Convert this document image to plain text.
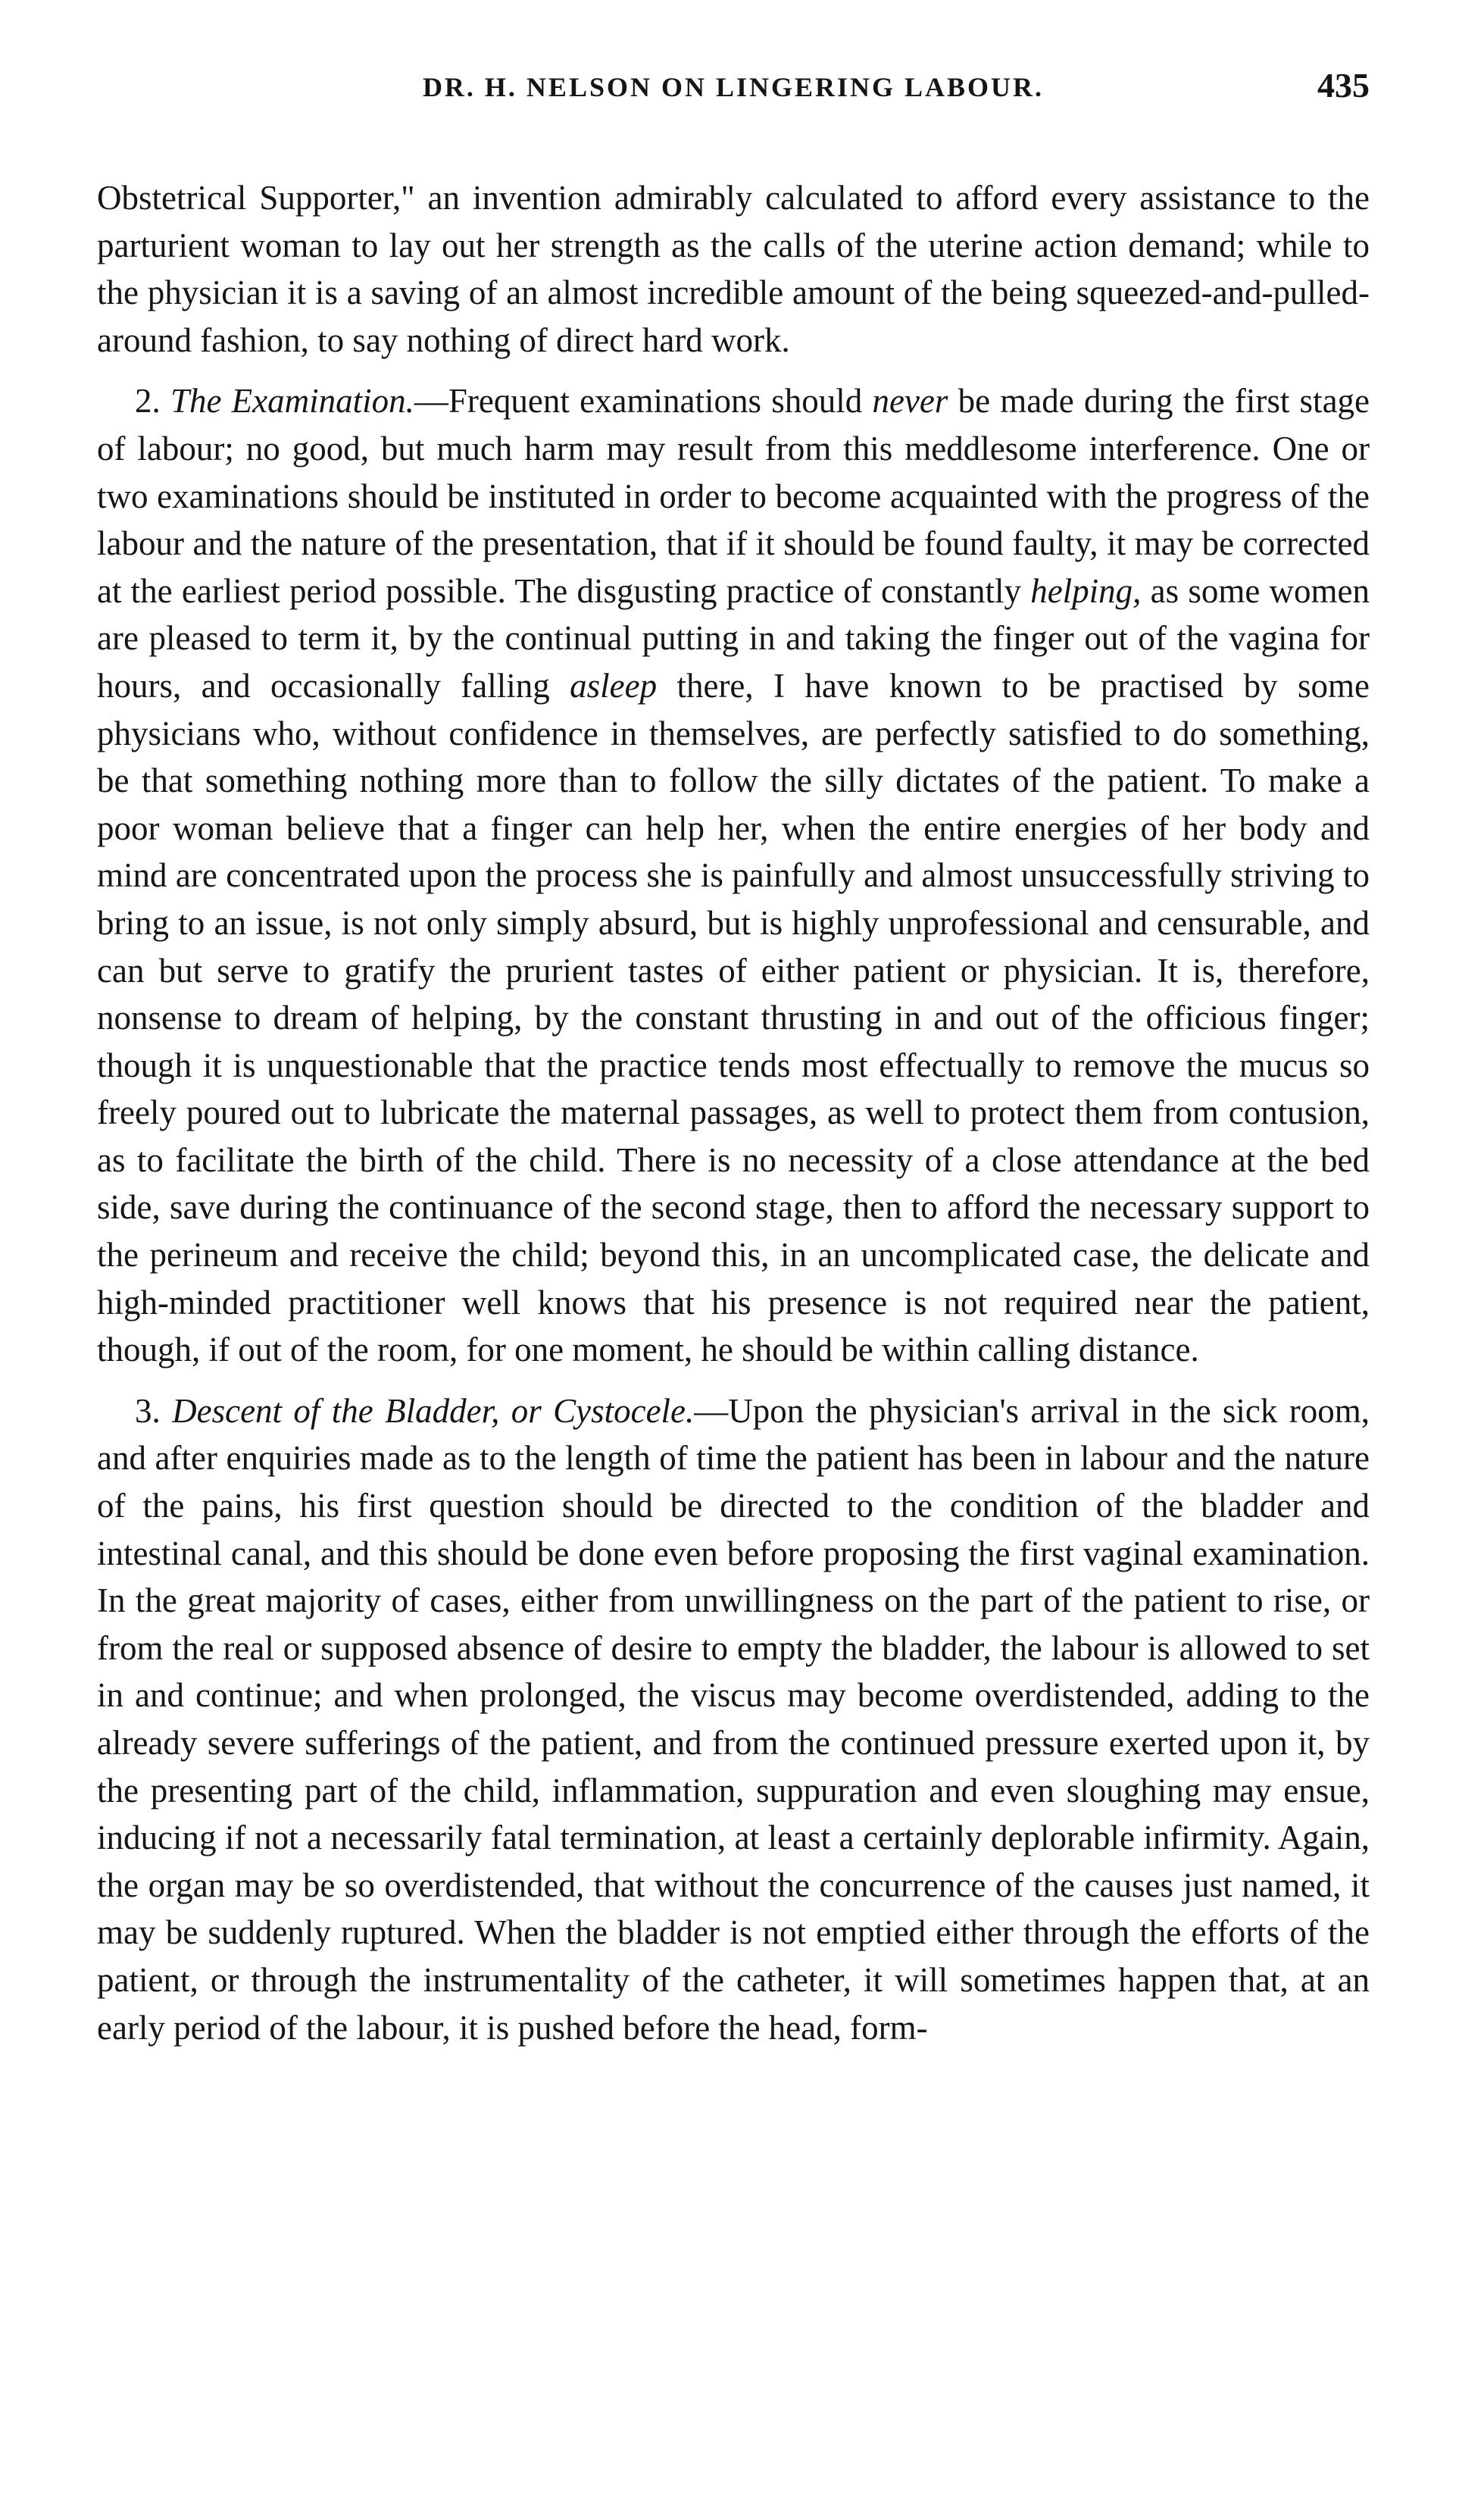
DR. H. NELSON ON LINGERING LABOUR.	435

Obstetrical Supporter," an invention admirably calculated to afford every assistance to the parturient woman to lay out her strength as the calls of the uterine action demand; while to the physician it is a saving of an almost incredible amount of the being squeezed-and-pulled-around fashion, to say nothing of direct hard work.

2. The Examination.—Frequent examinations should never be made during the first stage of labour; no good, but much harm may result from this meddlesome interference. One or two examinations should be instituted in order to become acquainted with the progress of the labour and the nature of the presentation, that if it should be found faulty, it may be corrected at the earliest period possible. The disgusting practice of constantly helping, as some women are pleased to term it, by the continual putting in and taking the finger out of the vagina for hours, and occasionally falling asleep there, I have known to be practised by some physicians who, without confidence in themselves, are perfectly satisfied to do something, be that something nothing more than to follow the silly dictates of the patient. To make a poor woman believe that a finger can help her, when the entire energies of her body and mind are concentrated upon the process she is painfully and almost unsuccessfully striving to bring to an issue, is not only simply absurd, but is highly unprofessional and censurable, and can but serve to gratify the prurient tastes of either patient or physician. It is, therefore, nonsense to dream of helping, by the constant thrusting in and out of the officious finger; though it is unquestionable that the practice tends most effectually to remove the mucus so freely poured out to lubricate the maternal passages, as well to protect them from contusion, as to facilitate the birth of the child. There is no necessity of a close attendance at the bed side, save during the continuance of the second stage, then to afford the necessary support to the perineum and receive the child; beyond this, in an uncomplicated case, the delicate and high-minded practitioner well knows that his presence is not required near the patient, though, if out of the room, for one moment, he should be within calling distance.

3. Descent of the Bladder, or Cystocele.—Upon the physician's arrival in the sick room, and after enquiries made as to the length of time the patient has been in labour and the nature of the pains, his first question should be directed to the condition of the bladder and intestinal canal, and this should be done even before proposing the first vaginal examination. In the great majority of cases, either from unwillingness on the part of the patient to rise, or from the real or supposed absence of desire to empty the bladder, the labour is allowed to set in and continue; and when prolonged, the viscus may become overdistended, adding to the already severe sufferings of the patient, and from the continued pressure exerted upon it, by the presenting part of the child, inflammation, suppuration and even sloughing may ensue, inducing if not a necessarily fatal termination, at least a certainly deplorable infirmity. Again, the organ may be so overdistended, that without the concurrence of the causes just named, it may be suddenly ruptured. When the bladder is not emptied either through the efforts of the patient, or through the instrumentality of the catheter, it will sometimes happen that, at an early period of the labour, it is pushed before the head, form-
